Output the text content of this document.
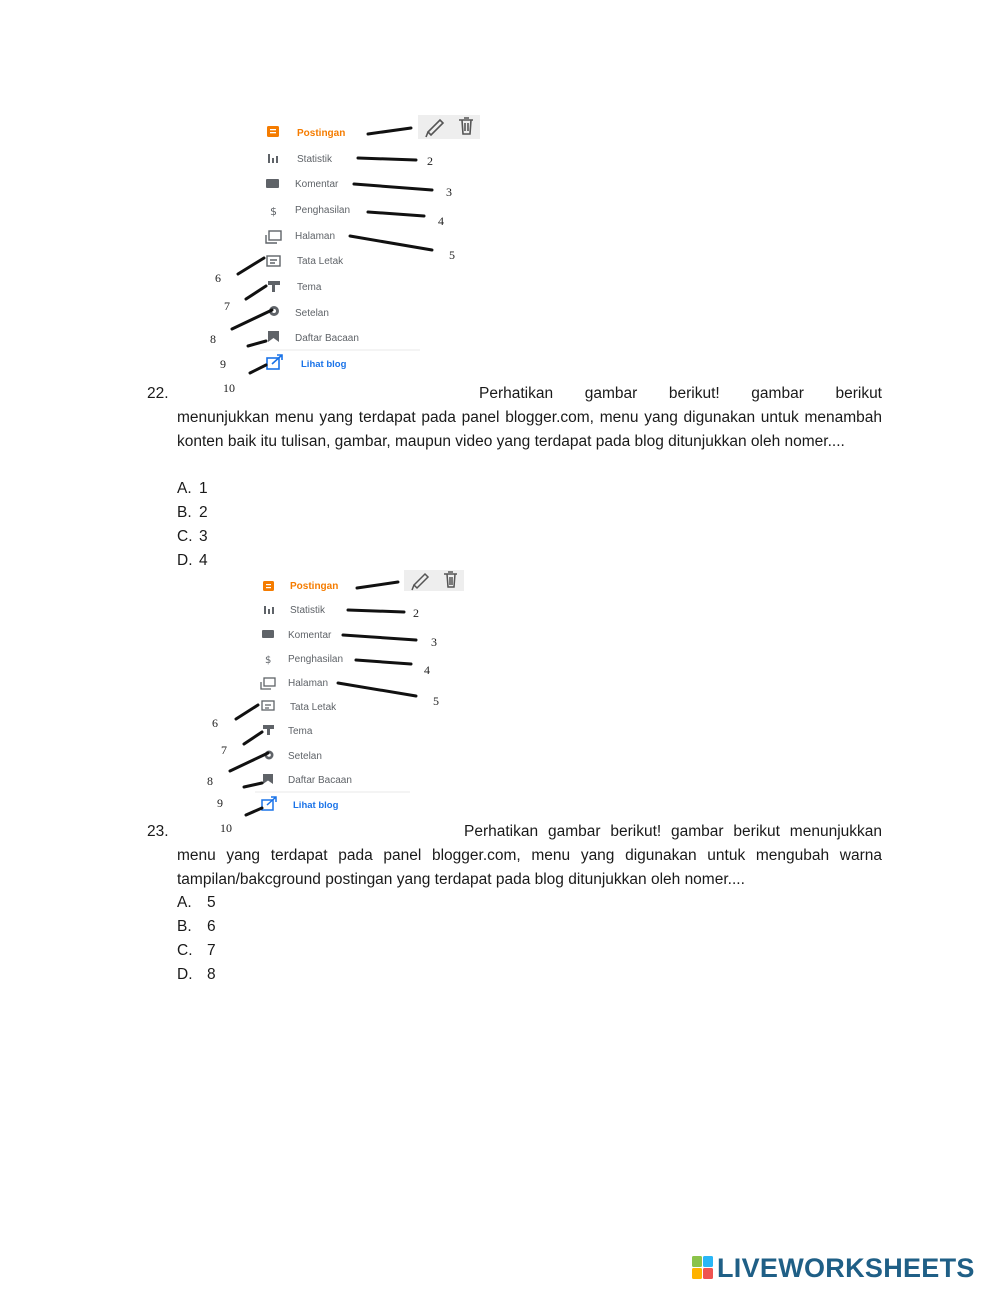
$
Postingan
Statistik
Komentar
Penghasilan
Halaman
Tata Letak
Tema
Setelan
Daftar Bacaan
Lihat blog
2
3
4
5
6
7
8
9
10
22.	Perhatikan gambar berikut! gambar berikut
menunjukkan menu yang terdapat pada panel blogger.com, menu yang digunakan untuk menambah konten baik itu tulisan, gambar, maupun video yang terdapat pada blog ditunjukkan oleh nomer....
A. 1
B. 2
C. 3
D. 4
$
Postingan
Statistik
Komentar
Penghasilan
Halaman
Tata Letak
Tema
Setelan
Daftar Bacaan
Lihat blog
2
3
4
5
6
7
8
9
10
23.	Perhatikan gambar berikut! gambar berikut menunjukkan
menu yang terdapat pada panel blogger.com, menu yang digunakan untuk mengubah warna tampilan/bakcground postingan yang terdapat pada blog ditunjukkan oleh nomer....
A. 5
B. 6
C. 7
D. 8
LIVEWORKSHEETS
